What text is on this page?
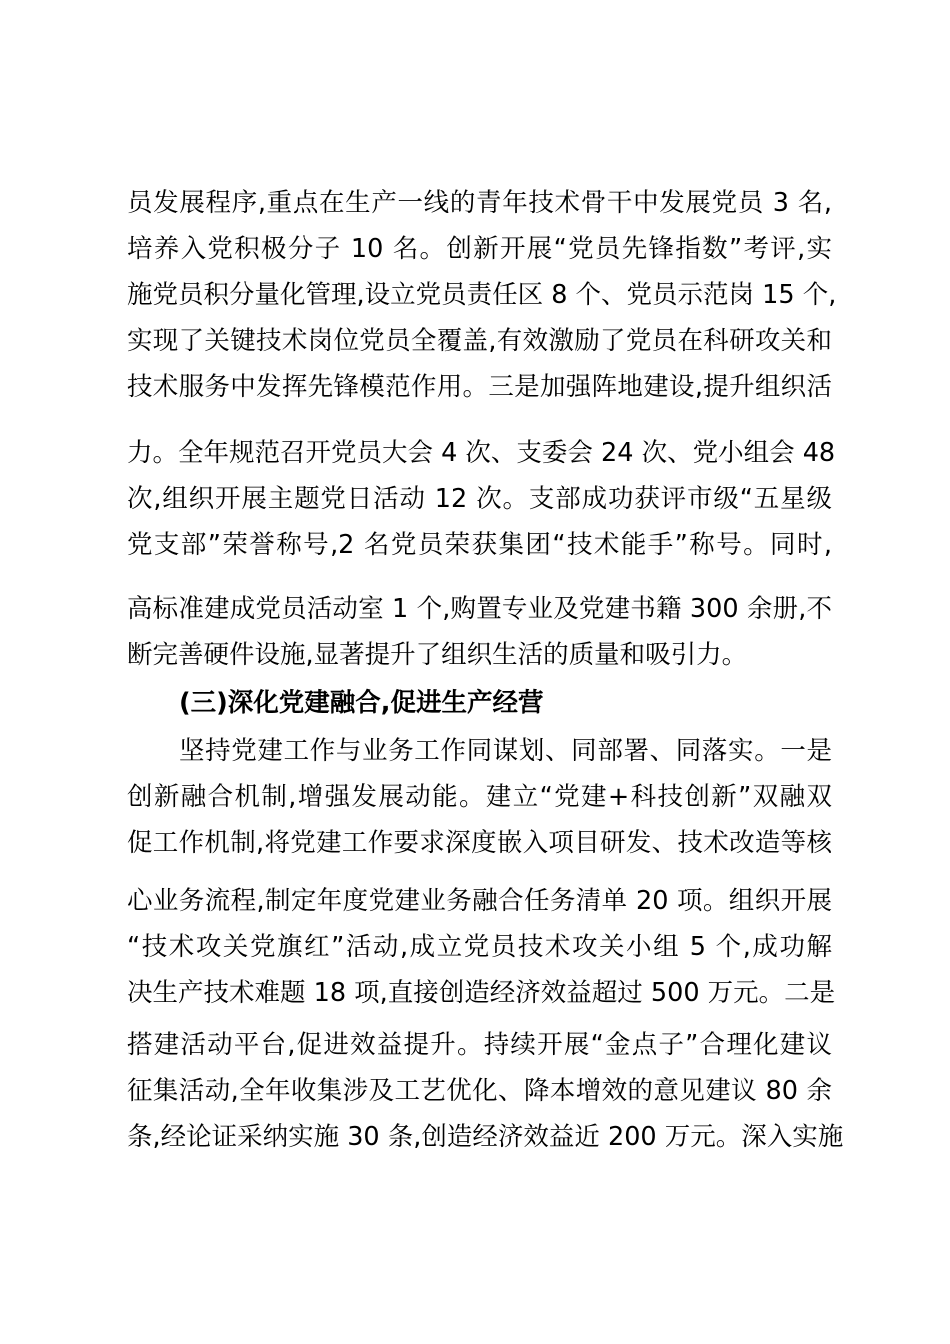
员发展程序,重点在生产一线的青年技术骨干中发展党员 3 名,
培养入党积极分子 10 名。创新开展“党员先锋指数”考评,实
施党员积分量化管理,设立党员责任区 8 个、党员示范岗 15 个,
实现了关键技术岗位党员全覆盖,有效激励了党员在科研攻关和
技术服务中发挥先锋模范作用。三是加强阵地建设,提升组织活
力。全年规范召开党员大会 4 次、支委会 24 次、党小组会 48
次,组织开展主题党日活动 12 次。支部成功获评市级“五星级
党支部”荣誉称号,2 名党员荣获集团“技术能手”称号。同时,
高标准建成党员活动室 1 个,购置专业及党建书籍 300 余册,不
断完善硬件设施,显著提升了组织生活的质量和吸引力。
(三)深化党建融合,促进生产经营
坚持党建工作与业务工作同谋划、同部署、同落实。一是
创新融合机制,增强发展动能。建立“党建+科技创新”双融双
促工作机制,将党建工作要求深度嵌入项目研发、技术改造等核
心业务流程,制定年度党建业务融合任务清单 20 项。组织开展
“技术攻关党旗红”活动,成立党员技术攻关小组 5 个,成功解
决生产技术难题 18 项,直接创造经济效益超过 500 万元。二是
搭建活动平台,促进效益提升。持续开展“金点子”合理化建议
征集活动,全年收集涉及工艺优化、降本增效的意见建议 80 余
条,经论证采纳实施 30 条,创造经济效益近 200 万元。深入实施
